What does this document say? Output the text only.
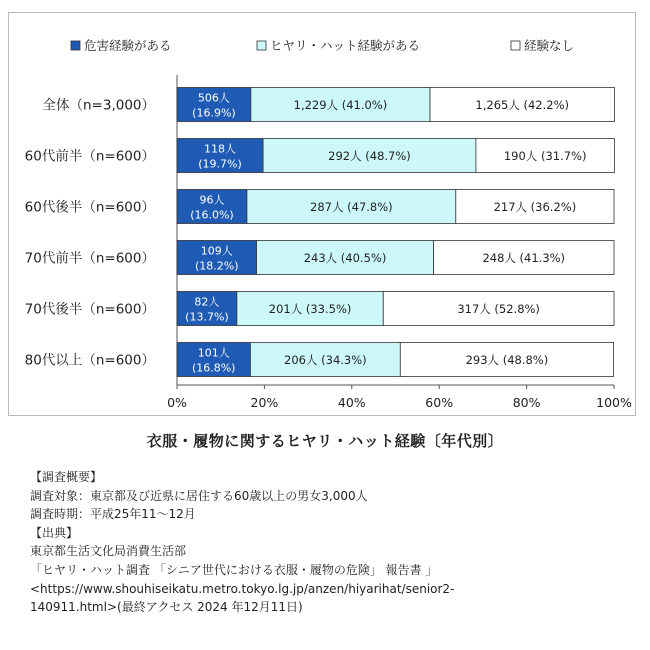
危害経験がある	ヒヤリ・ハット経験がある	経験なし
0%	20%	40%	60%	80%	100%
全体（n=3,000）	506人
(16.9%)
1,229人 (41.0%)	1,265人 (42.2%)
60代前半（n=600）	118人
(19.7%)
292人 (48.7%)	190人 (31.7%)
60代後半（n=600）	96人
(16.0%)
287人 (47.8%)	217人 (36.2%)
70代前半（n=600）	109人
(18.2%)
243人 (40.5%)	248人 (41.3%)
70代後半（n=600）	82人
(13.7%)
201人 (33.5%)	317人 (52.8%)
80代以上（n=600）	101人
(16.8%)
206人 (34.3%)	293人 (48.8%)
衣服・履物に関するヒヤリ・ハット経験〔年代別〕
【調査概要】
調査対象：東京都及び近県に居住する60歳以上の男女3,000人
調査時期：平成25年11～12月
【出典】
東京都生活文化局消費生活部
「ヒヤリ・ハット調査 「シニア世代における衣服・履物の危険」 報告書 」
<https://www.shouhiseikatu.metro.tokyo.lg.jp/anzen/hiyarihat/senior2-
140911.html>(最終アクセス 2024 年12月11日)
